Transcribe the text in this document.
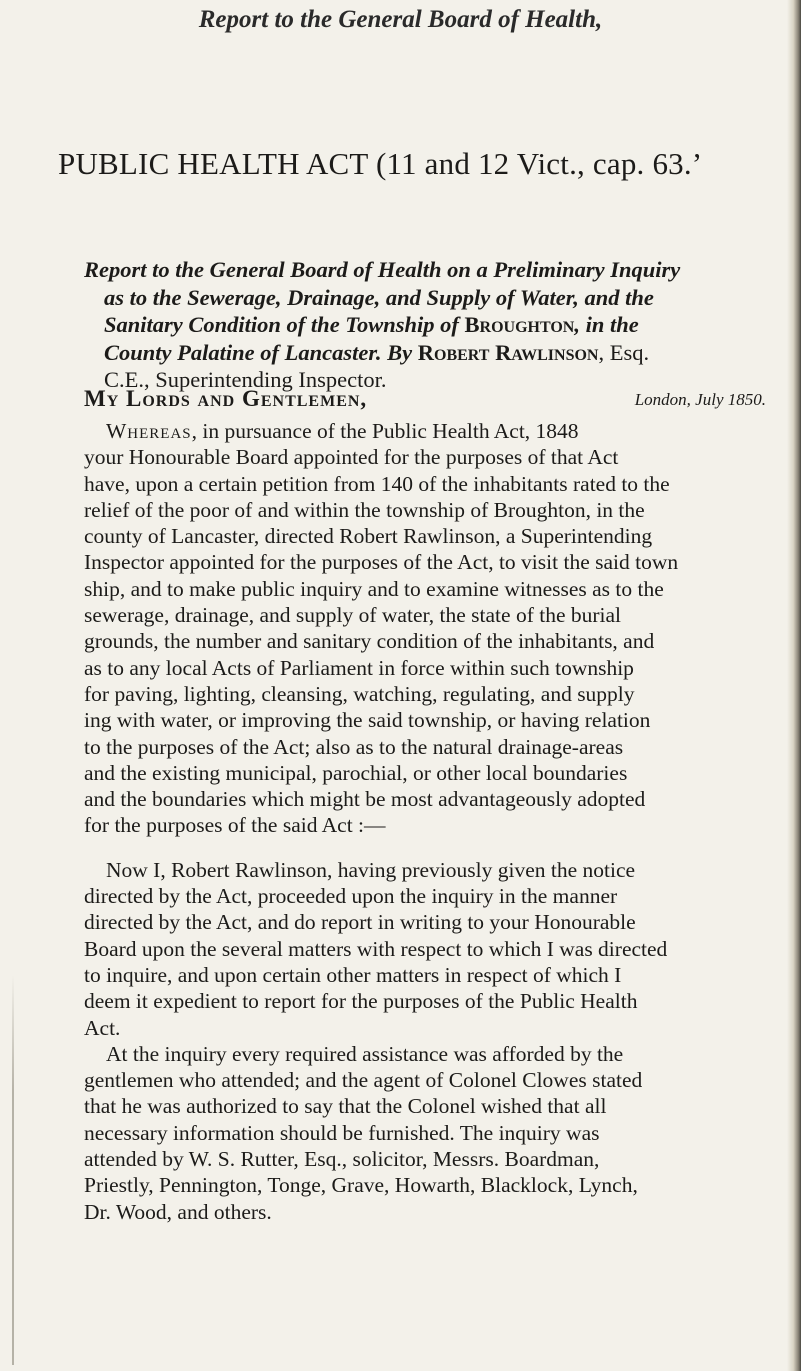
Report to the General Board of Health,
PUBLIC HEALTH ACT (11 and 12 Vict., cap. 63.’
Report to the General Board of Health on a Preliminary Inquiry
as to the Sewerage, Drainage, and Supply of Water, and the
Sanitary Condition of the Township of Broughton, in the
County Palatine of Lancaster. By Robert Rawlinson, Esq.
C.E., Superintending Inspector.
My Lords and Gentlemen,	London, July 1850.
Whereas, in pursuance of the Public Health Act, 1848
your Honourable Board appointed for the purposes of that Act
have, upon a certain petition from 140 of the inhabitants rated to the
relief of the poor of and within the township of Broughton, in the
county of Lancaster, directed Robert Rawlinson, a Superintending
Inspector appointed for the purposes of the Act, to visit the said town
ship, and to make public inquiry and to examine witnesses as to the
sewerage, drainage, and supply of water, the state of the burial
grounds, the number and sanitary condition of the inhabitants, and
as to any local Acts of Parliament in force within such township
for paving, lighting, cleansing, watching, regulating, and supply
ing with water, or improving the said township, or having relation
to the purposes of the Act; also as to the natural drainage-areas
and the existing municipal, parochial, or other local boundaries
and the boundaries which might be most advantageously adopted
for the purposes of the said Act :—
Now I, Robert Rawlinson, having previously given the notice
directed by the Act, proceeded upon the inquiry in the manner
directed by the Act, and do report in writing to your Honourable
Board upon the several matters with respect to which I was directed
to inquire, and upon certain other matters in respect of which I
deem it expedient to report for the purposes of the Public Health
Act.
At the inquiry every required assistance was afforded by the
gentlemen who attended; and the agent of Colonel Clowes stated
that he was authorized to say that the Colonel wished that all
necessary information should be furnished. The inquiry was
attended by W. S. Rutter, Esq., solicitor, Messrs. Boardman,
Priestly, Pennington, Tonge, Grave, Howarth, Blacklock, Lynch,
Dr. Wood, and others.
